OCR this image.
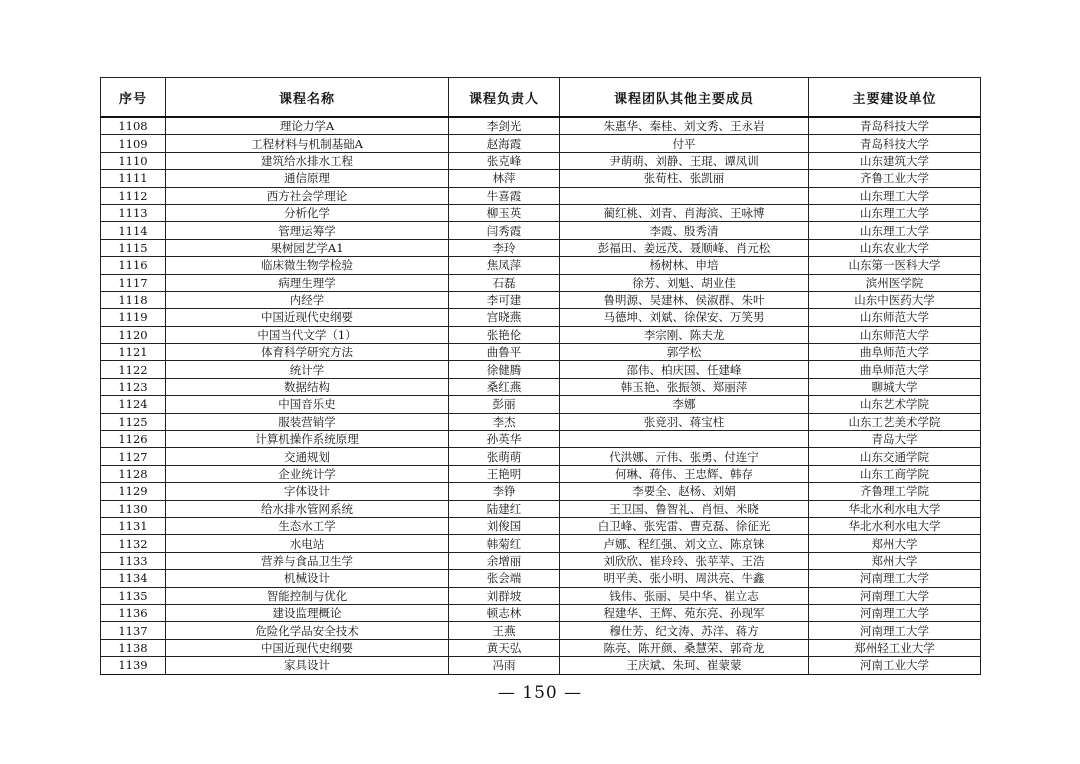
序号	课程名称	课程负责人	课程团队其他主要成员	主要建设单位
1108	理论力学A	李剑光	朱惠华、秦桂、刘文秀、王永岩	青岛科技大学
1109	工程材料与机制基础A	赵海霞	付平	青岛科技大学
1110	建筑给水排水工程	张克峰	尹萌萌、刘静、王琨、谭凤训	山东建筑大学
1111	通信原理	林萍	张荀柱、张凯丽	齐鲁工业大学
1112	西方社会学理论	牛喜霞		山东理工大学
1113	分析化学	柳玉英	蔺红桃、刘青、肖海滨、王咏博	山东理工大学
1114	管理运筹学	闫秀霞	李霞、殷秀清	山东理工大学
1115	果树园艺学A1	李玲	彭福田、姜远茂、聂顺峰、肖元松	山东农业大学
1116	临床微生物学检验	焦凤萍	杨树林、申培	山东第一医科大学
1117	病理生理学	石磊	徐芳、刘魁、胡业佳	滨州医学院
1118	内经学	李可建	鲁明源、吴建林、侯淑群、朱叶	山东中医药大学
1119	中国近现代史纲要	宫晓燕	马德坤、刘斌、徐保安、万笑男	山东师范大学
1120	中国当代文学（1）	张艳伦	李宗刚、陈夫龙	山东师范大学
1121	体育科学研究方法	曲鲁平	郭学松	曲阜师范大学
1122	统计学	徐健腾	邵伟、柏庆国、任建峰	曲阜师范大学
1123	数据结构	桑红燕	韩玉艳、张振领、郑丽萍	聊城大学
1124	中国音乐史	彭丽	李娜	山东艺术学院
1125	服装营销学	李杰	张竞羽、蒋宝柱	山东工艺美术学院
1126	计算机操作系统原理	孙英华		青岛大学
1127	交通规划	张萌萌	代洪娜、亓伟、张勇、付连宁	山东交通学院
1128	企业统计学	王艳明	何琳、蒋伟、王忠辉、韩存	山东工商学院
1129	字体设计	李铮	李要全、赵杨、刘娟	齐鲁理工学院
1130	给水排水管网系统	陆建红	王卫国、鲁智礼、肖恒、米晓	华北水利水电大学
1131	生态水工学	刘俊国	白卫峰、张宪雷、曹克磊、徐征光	华北水利水电大学
1132	水电站	韩菊红	卢娜、程红强、刘文立、陈京铼	郑州大学
1133	营养与食品卫生学	余增丽	刘欣欣、崔玲玲、张苹苹、王浩	郑州大学
1134	机械设计	张会端	明平美、张小明、周洪亮、牛鑫	河南理工大学
1135	智能控制与优化	刘群坡	钱伟、张丽、吴中华、崔立志	河南理工大学
1136	建设监理概论	顿志林	程建华、王辉、苑东亮、孙现军	河南理工大学
1137	危险化学品安全技术	王燕	穆仕芳、纪文涛、苏洋、蒋方	河南理工大学
1138	中国近现代史纲要	黄天弘	陈亮、陈开颜、桑慧荣、郭奇龙	郑州轻工业大学
1139	家具设计	冯雨	王庆斌、朱珂、崔蒙蒙	河南工业大学
— 150 —
